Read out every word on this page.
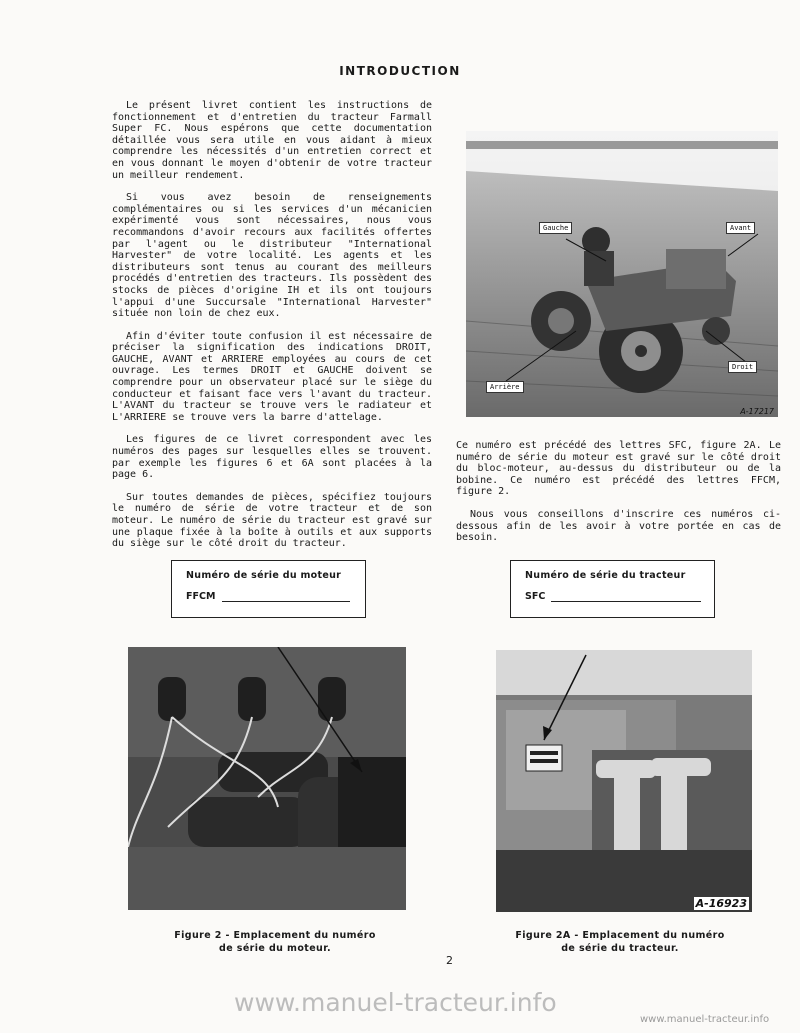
INTRODUCTION

Le présent livret contient les instructions de fonctionnement et d'entretien du tracteur Farmall Super FC. Nous espérons que cette documentation détaillée vous sera utile en vous aidant à mieux comprendre les nécessités d'un entretien correct et en vous donnant le moyen d'obtenir de votre tracteur un meilleur rendement.

Si vous avez besoin de renseignements complémentaires ou si les services d'un mécanicien expérimenté vous sont nécessaires, nous vous recommandons d'avoir recours aux facilités offertes par l'agent ou le distributeur "International Harvester" de votre localité. Les agents et les distributeurs sont tenus au courant des meilleurs procédés d'entretien des tracteurs. Ils possèdent des stocks de pièces d'origine IH et ils ont toujours l'appui d'une Succursale "International Harvester" située non loin de chez eux.

Afin d'éviter toute confusion il est nécessaire de préciser la signification des indications DROIT, GAUCHE, AVANT et ARRIERE employées au cours de cet ouvrage. Les termes DROIT et GAUCHE doivent se comprendre pour un observateur placé sur le siège du conducteur et faisant face vers l'avant du tracteur. L'AVANT du tracteur se trouve vers le radiateur et L'ARRIERE se trouve vers la barre d'attelage.

Les figures de ce livret correspondent avec les numéros des pages sur lesquelles elles se trouvent. par exemple les figures 6 et 6A sont placées à la page 6.

Sur toutes demandes de pièces, spécifiez toujours le numéro de série de votre tracteur et de son moteur. Le numéro de série du tracteur est gravé sur une plaque fixée à la boîte à outils et aux supports du siège sur le côté droit du tracteur.

Gauche	Avant
Droit
Arrière
A-17217

Ce numéro est précédé des lettres SFC, figure 2A. Le numéro de série du moteur est gravé sur le côté droit du bloc-moteur, au-dessus du distributeur ou de la bobine. Ce numéro est précédé des lettres FFCM, figure 2.

Nous vous conseillons d'inscrire ces numéros ci-dessous afin de les avoir à votre portée en cas de besoin.

Numéro de série du moteur
FFCM
Numéro de série du tracteur
SFC
A-16923
Figure 2 - Emplacement du numéro
de série du moteur.
Figure 2A - Emplacement du numéro
de série du tracteur.
2
www.manuel-tracteur.info
www.manuel-tracteur.info
